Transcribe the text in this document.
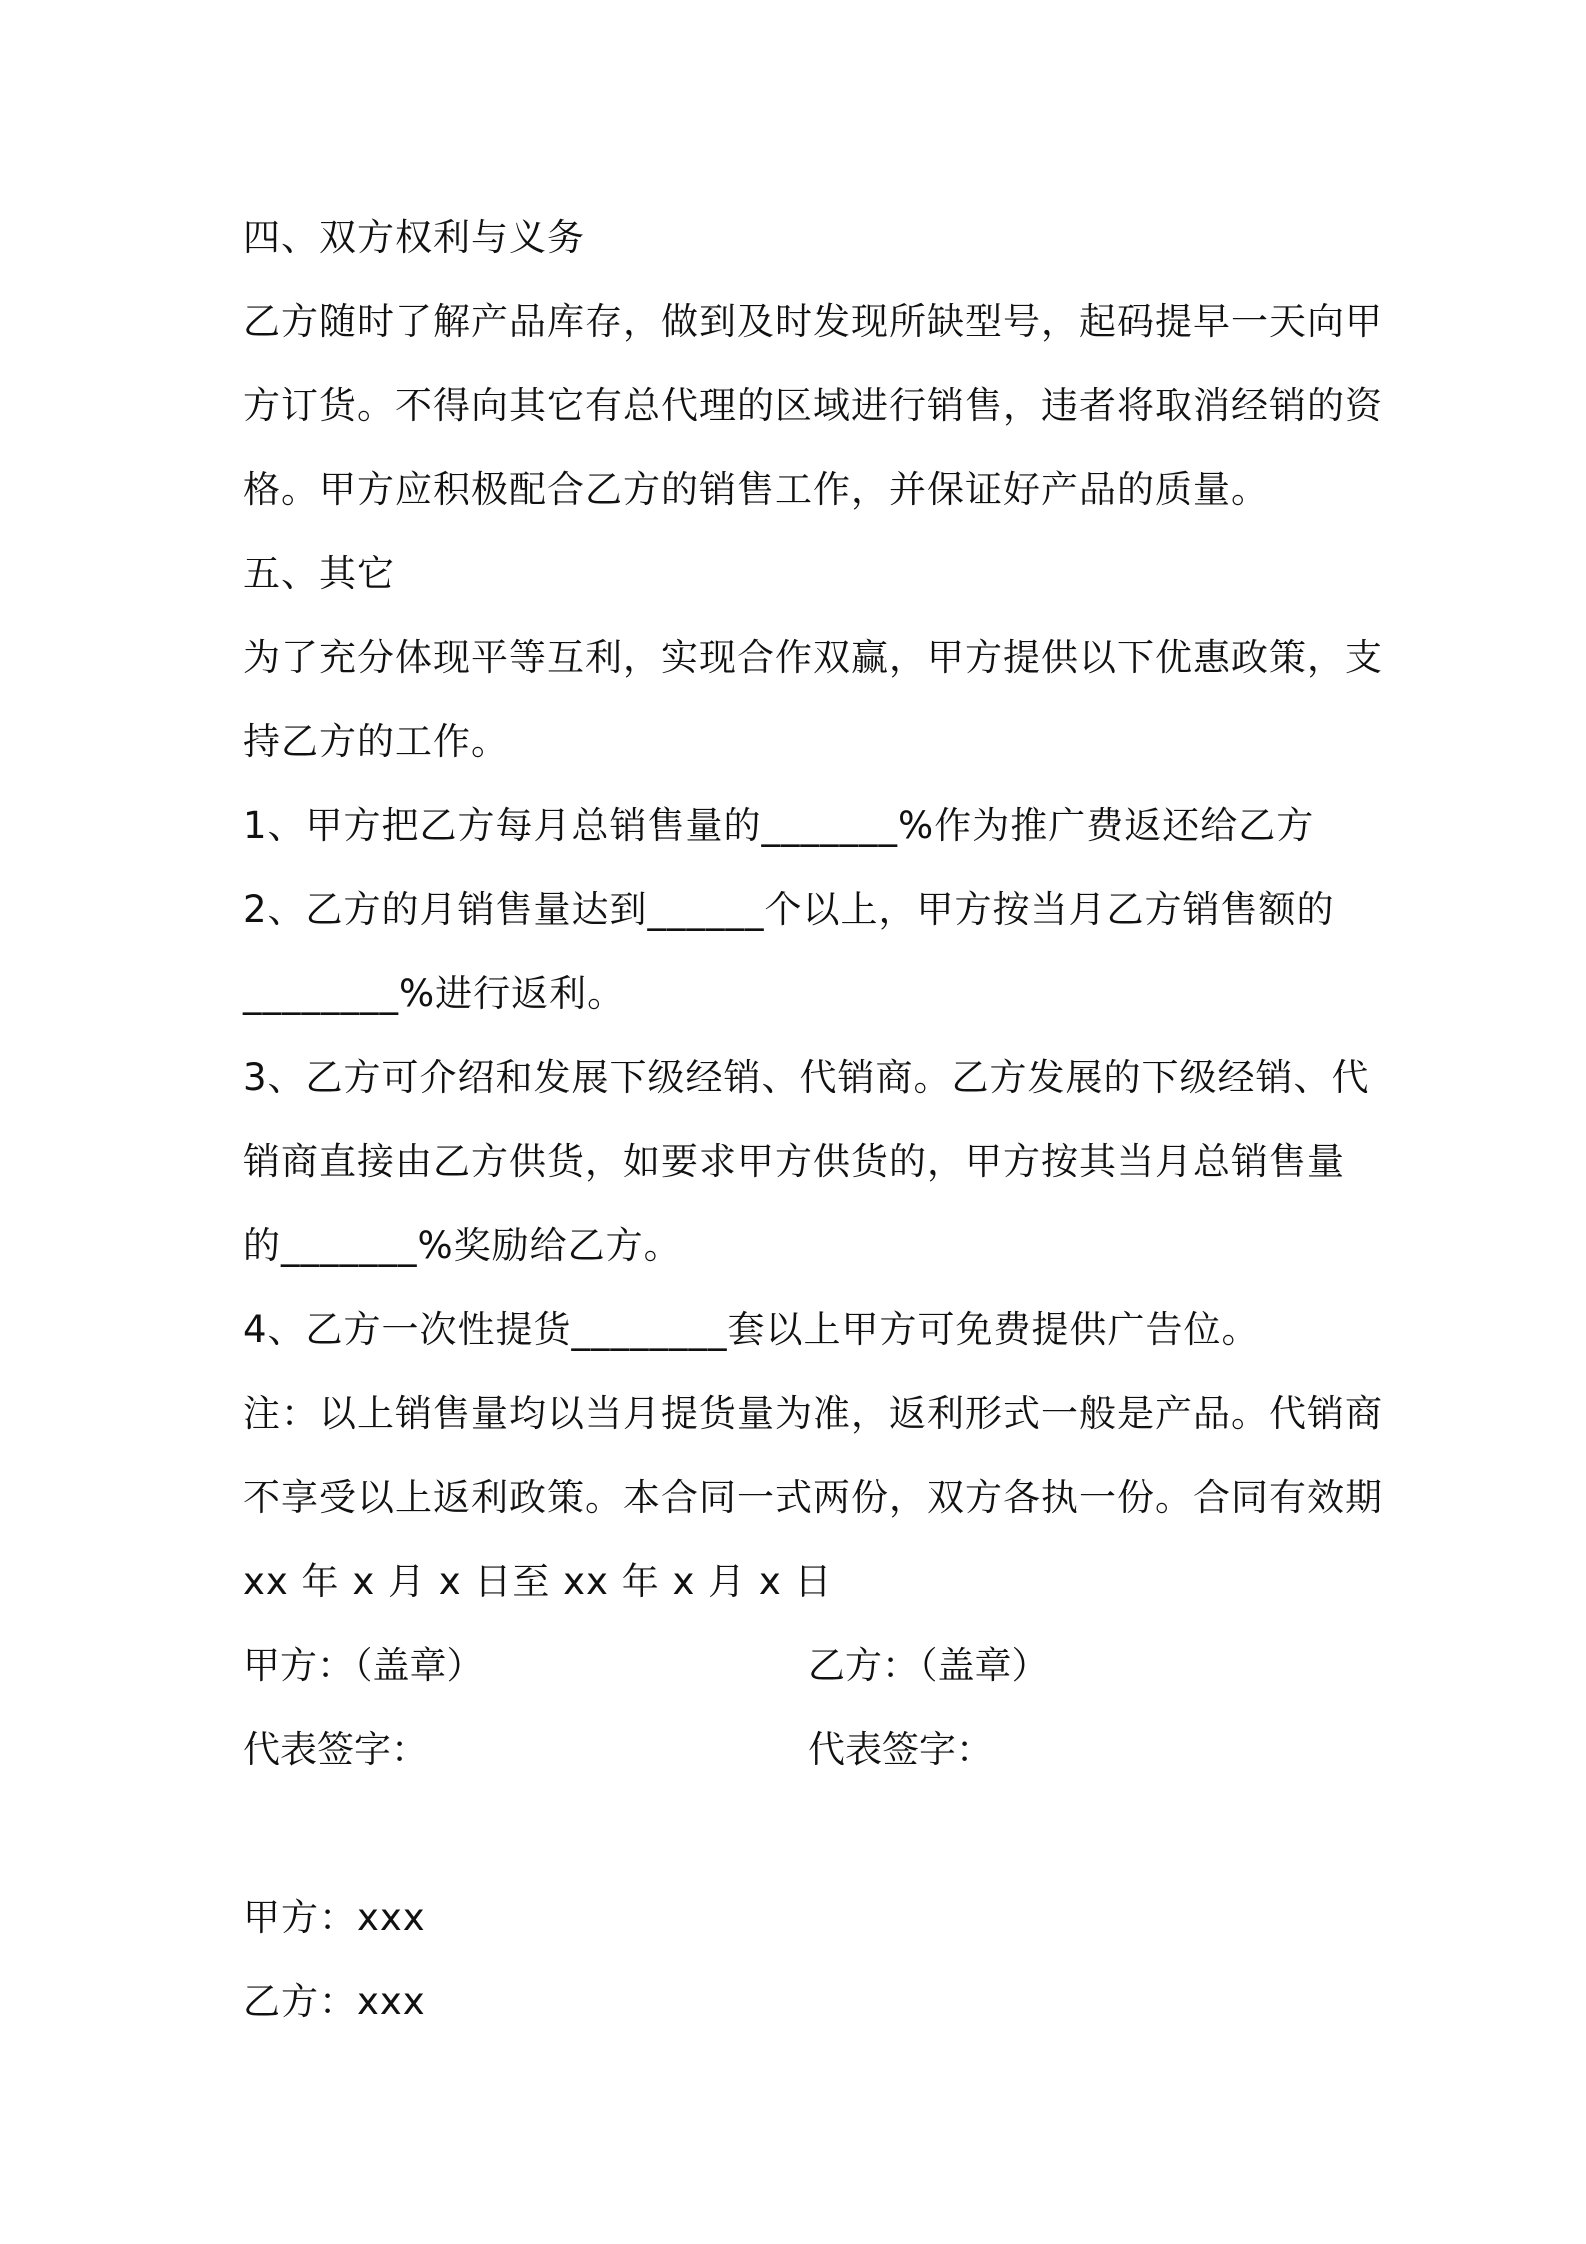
四、双方权利与义务
乙方随时了解产品库存，做到及时发现所缺型号，起码提早一天向甲
方订货。不得向其它有总代理的区域进行销售，违者将取消经销的资
格。甲方应积极配合乙方的销售工作，并保证好产品的质量。
五、其它
为了充分体现平等互利，实现合作双赢，甲方提供以下优惠政策，支
持乙方的工作。
1、甲方把乙方每月总销售量的_______%作为推广费返还给乙方
2、乙方的月销售量达到______个以上，甲方按当月乙方销售额的
________%进行返利。
3、乙方可介绍和发展下级经销、代销商。乙方发展的下级经销、代
销商直接由乙方供货，如要求甲方供货的，甲方按其当月总销售量
的_______%奖励给乙方。
4、乙方一次性提货________套以上甲方可免费提供广告位。
注：以上销售量均以当月提货量为准，返利形式一般是产品。代销商
不享受以上返利政策。本合同一式两份，双方各执一份。合同有效期
xx 年 x 月 x 日至 xx 年 x 月 x 日
甲方：（盖章）	乙方：（盖章）
代表签字：	代表签字：
甲方：xxx
乙方：xxx
